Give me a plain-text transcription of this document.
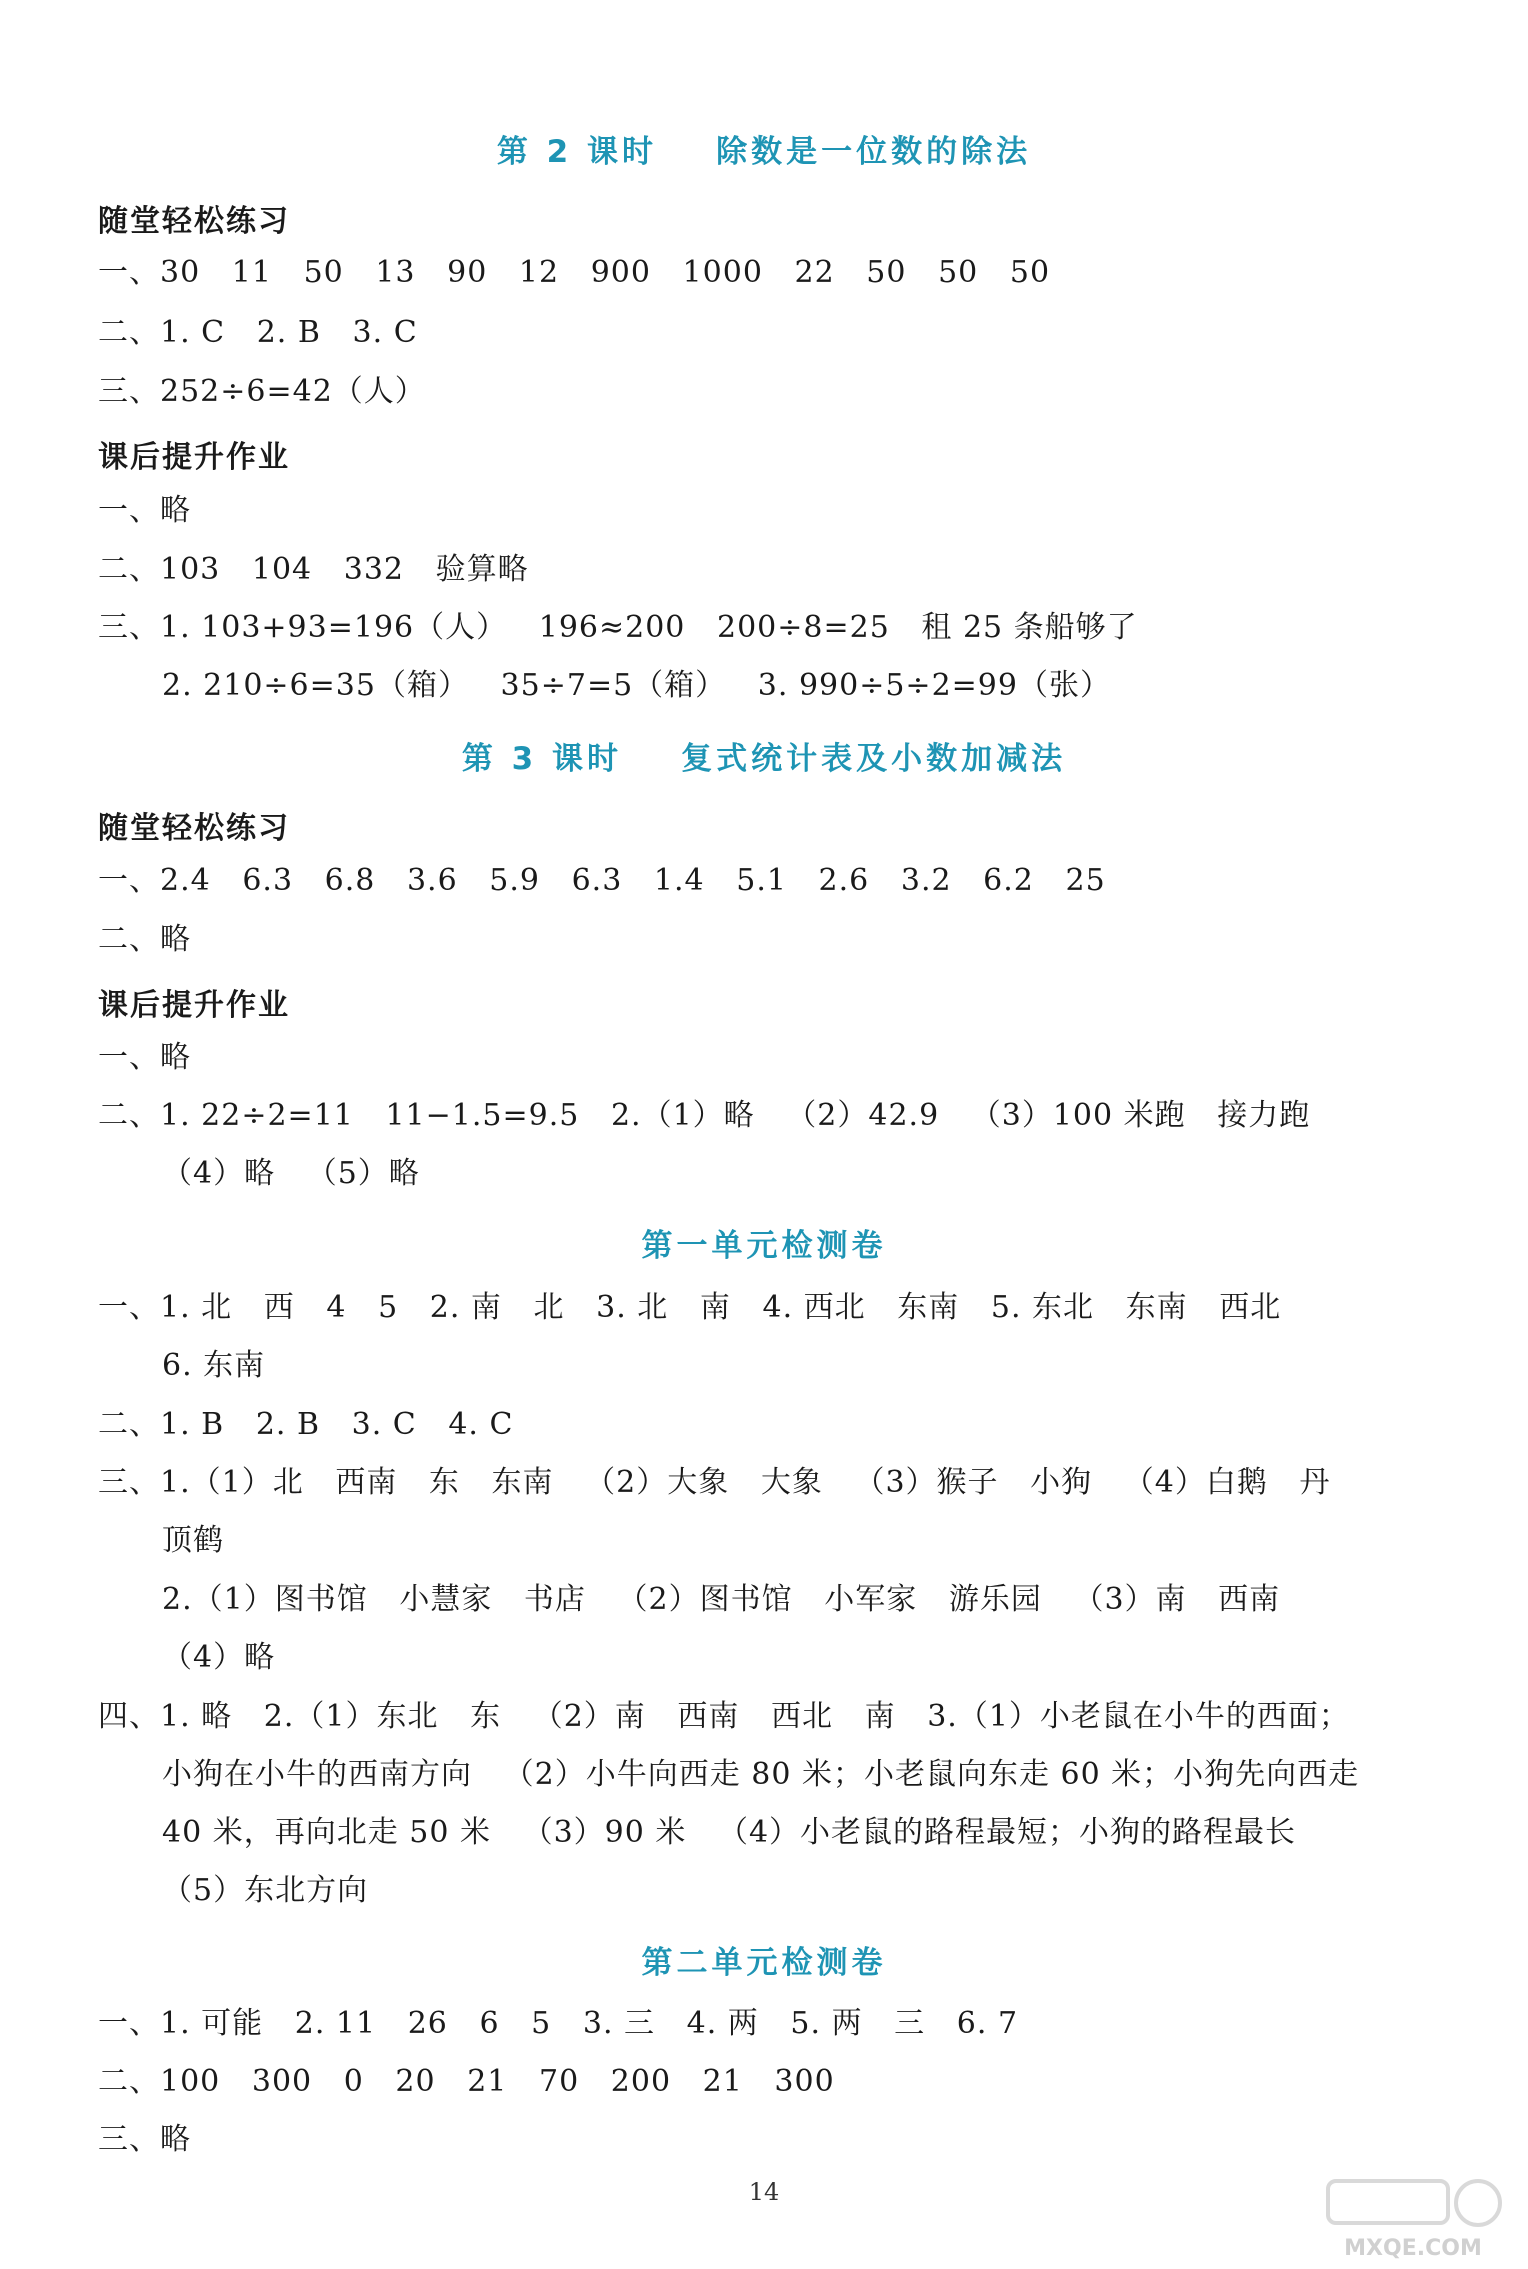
第 2 课时    除数是一位数的除法
随堂轻松练习
一、30   11   50   13   90   12   900   1000   22   50   50   50
二、1. C   2. B   3. C
三、252÷6=42（人）
课后提升作业
一、略
二、103   104   332   验算略
三、1. 103+93=196（人）   196≈200   200÷8=25   租 25 条船够了
2. 210÷6=35（箱）   35÷7=5（箱）   3. 990÷5÷2=99（张）
第 3 课时    复式统计表及小数加减法
随堂轻松练习
一、2.4   6.3   6.8   3.6   5.9   6.3   1.4   5.1   2.6   3.2   6.2   25
二、略
课后提升作业
一、略
二、1. 22÷2=11   11−1.5=9.5   2.（1）略   （2）42.9   （3）100 米跑   接力跑
（4）略   （5）略
第一单元检测卷
一、1. 北   西   4   5   2. 南   北   3. 北   南   4. 西北   东南   5. 东北   东南   西北
6. 东南
二、1. B   2. B   3. C   4. C
三、1.（1）北   西南   东   东南   （2）大象   大象   （3）猴子   小狗   （4）白鹅   丹
顶鹤
2.（1）图书馆   小慧家   书店   （2）图书馆   小军家   游乐园   （3）南   西南
（4）略
四、1. 略   2.（1）东北   东   （2）南   西南   西北   南   3.（1）小老鼠在小牛的西面；
小狗在小牛的西南方向   （2）小牛向西走 80 米；小老鼠向东走 60 米；小狗先向西走
40 米，再向北走 50 米   （3）90 米   （4）小老鼠的路程最短；小狗的路程最长
（5）东北方向
第二单元检测卷
一、1. 可能   2. 11   26   6   5   3. 三   4. 两   5. 两   三   6. 7
二、100   300   0   20   21   70   200   21   300
三、略
14
MXQE.COM
